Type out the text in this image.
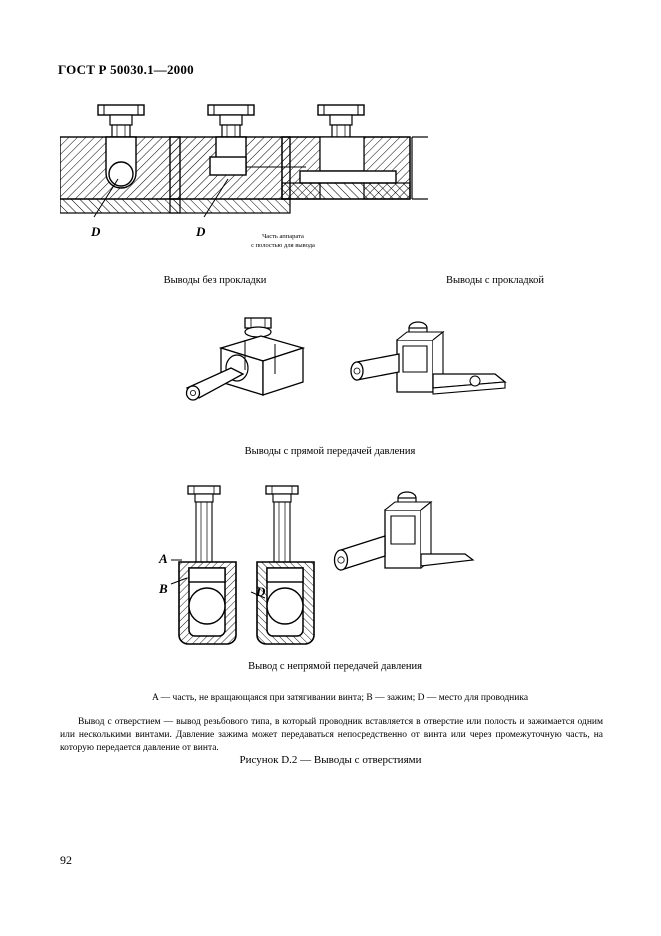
ГОСТ Р 50030.1—2000
D	D	Часть аппарата
с полостью для вывода
Выводы без прокладки	Выводы с прокладкой
Выводы с прямой передачей давления
A
B	D
Вывод с непрямой передачей давления
A — часть, не вращающаяся при затягивании винта; B — зажим; D — место для проводника
Вывод с отверстием — вывод резьбового типа, в который проводник вставляется в отверстие или полость и зажимается одним или несколькими винтами. Давление зажима может передаваться непосредственно от винта или через промежуточную часть, на которую передается давление от винта.
Рисунок D.2 — Выводы с отверстиями
92
